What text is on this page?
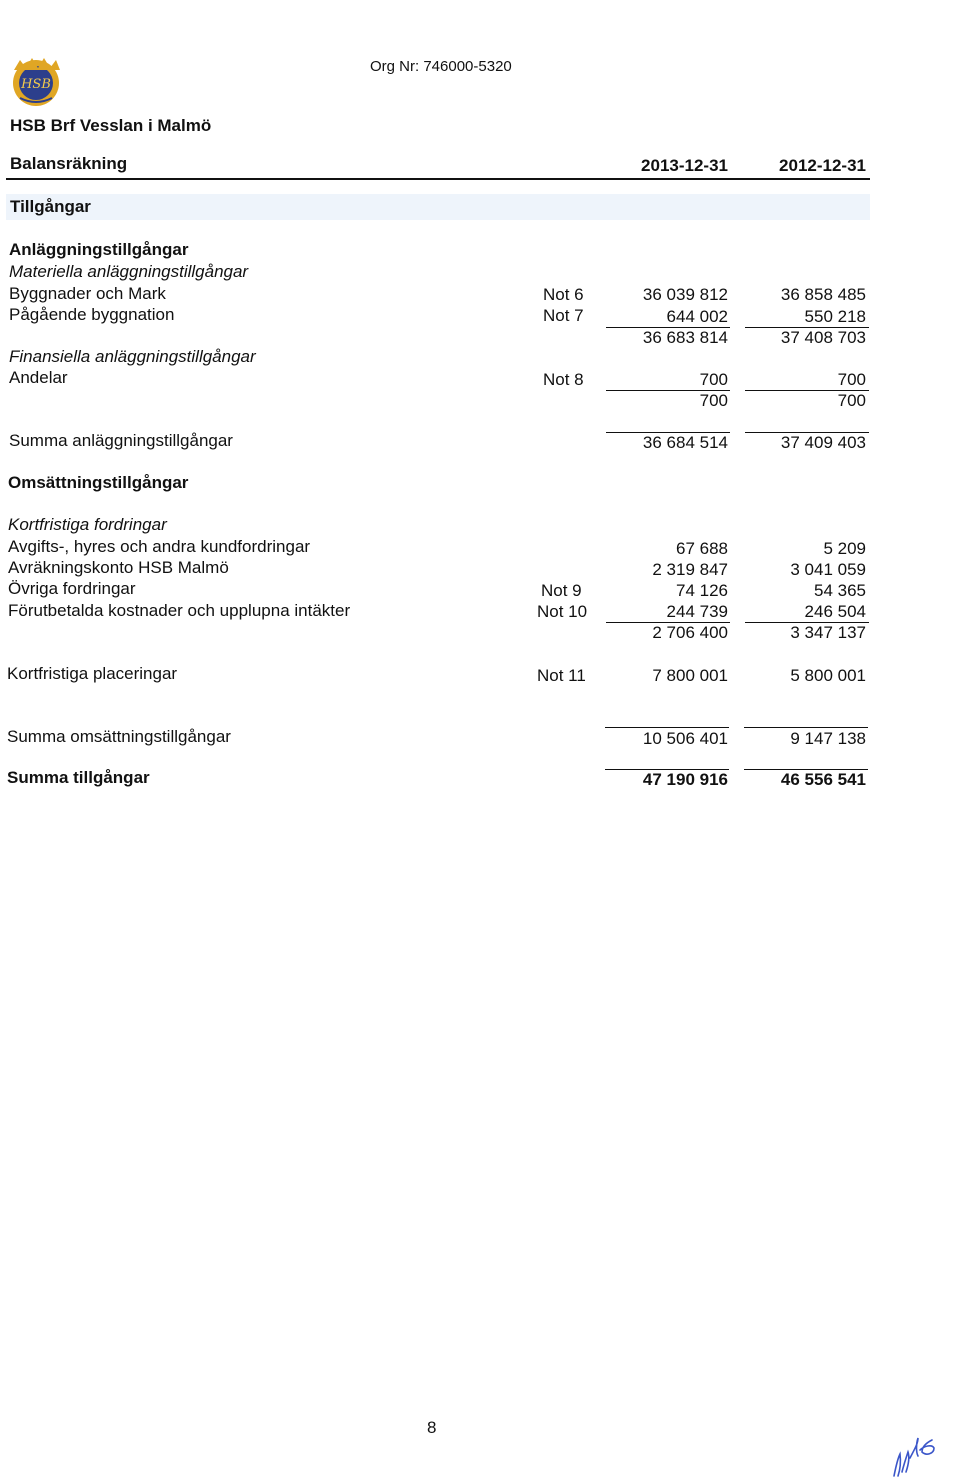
HSB
Org Nr: 746000-5320
HSB Brf Vesslan i Malmö
Balansräkning	2013-12-31	2012-12-31
Tillgångar
Anläggningstillgångar
Materiella anläggningstillgångar
Byggnader och Mark	Not 6	36 039 812	36 858 485
Pågående byggnation	Not 7	644 002	550 218
36 683 814	37 408 703
Finansiella anläggningstillgångar
Andelar	Not 8	700	700
700	700
Summa anläggningstillgångar	36 684 514	37 409 403
Omsättningstillgångar
Kortfristiga fordringar
Avgifts-, hyres och andra kundfordringar	67 688	5 209
Avräkningskonto HSB Malmö	2 319 847	3 041 059
Övriga fordringar	Not 9	74 126	54 365
Förutbetalda kostnader och upplupna intäkter	Not 10	244 739	246 504
2 706 400	3 347 137
Kortfristiga placeringar	Not 11	7 800 001	5 800 001
Summa omsättningstillgångar	10 506 401	9 147 138
Summa tillgångar	47 190 916	46 556 541
8
